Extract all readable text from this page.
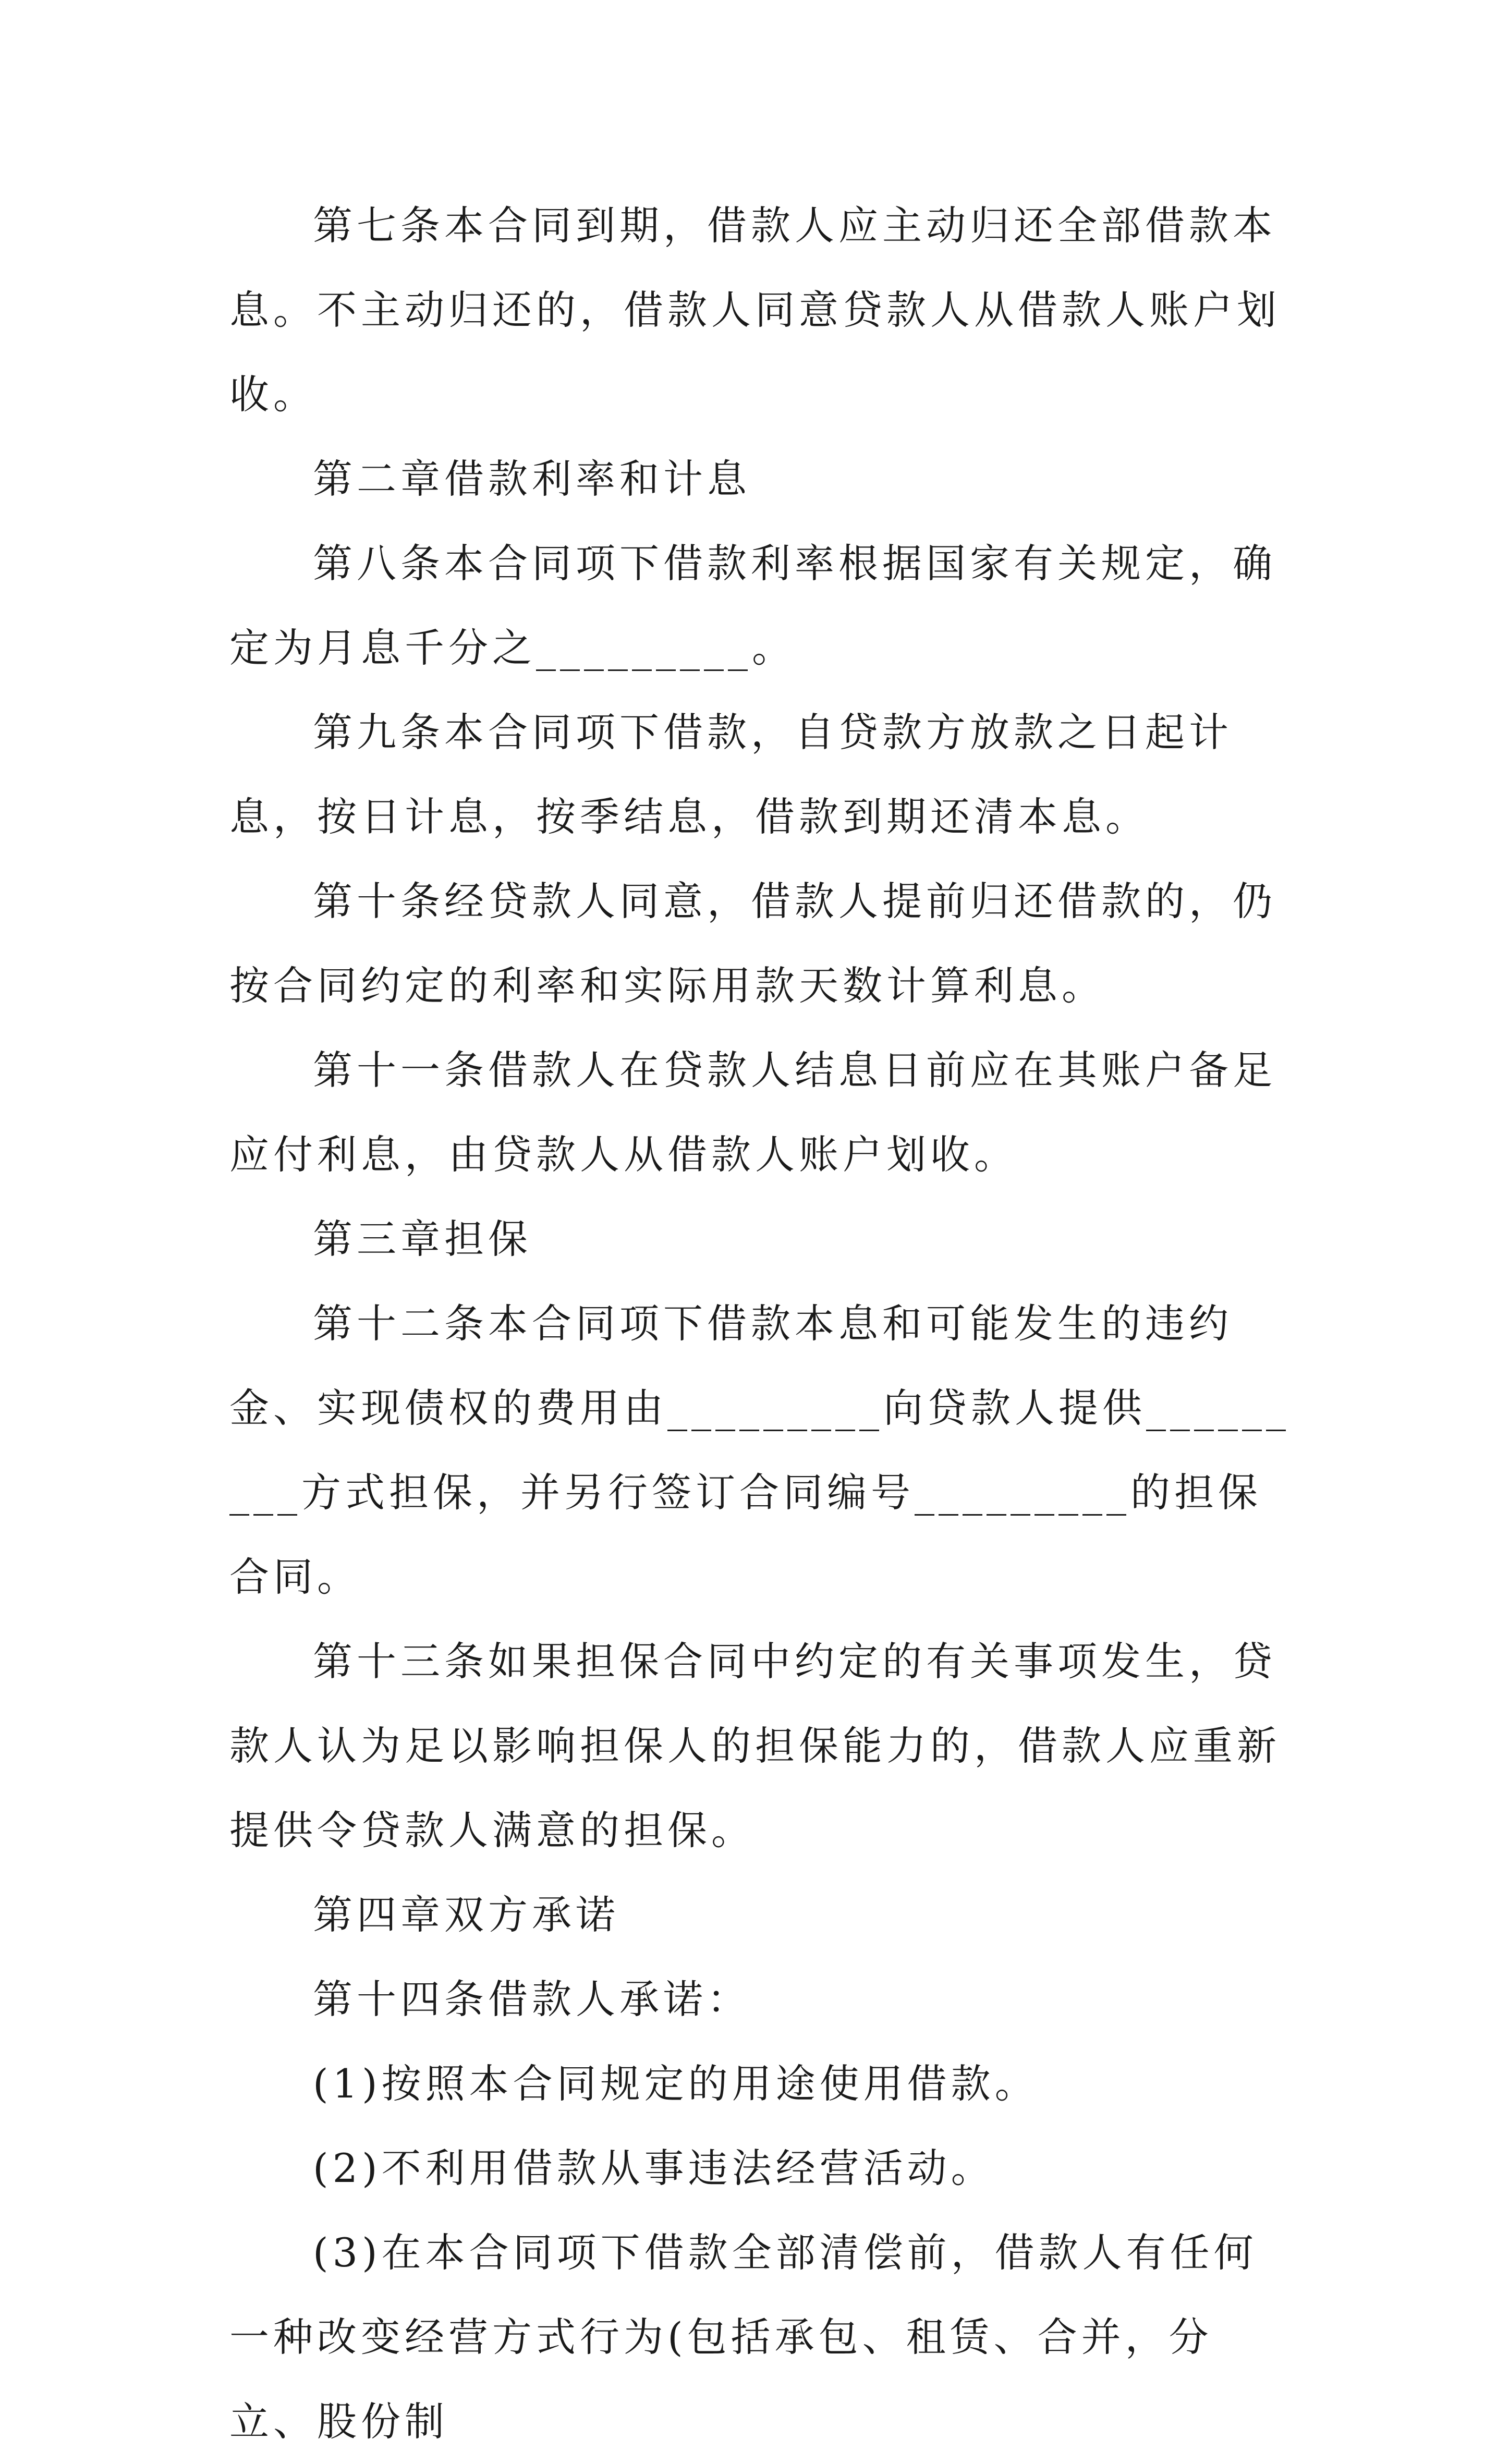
第七条本合同到期，借款人应主动归还全部借款本息。不主动归还的，借款人同意贷款人从借款人账户划收。

第二章借款利率和计息

第八条本合同项下借款利率根据国家有关规定，确定为月息千分之_________。

第九条本合同项下借款，自贷款方放款之日起计息，按日计息，按季结息，借款到期还清本息。

第十条经贷款人同意，借款人提前归还借款的，仍按合同约定的利率和实际用款天数计算利息。

第十一条借款人在贷款人结息日前应在其账户备足应付利息，由贷款人从借款人账户划收。

第三章担保

第十二条本合同项下借款本息和可能发生的违约金、实现债权的费用由_________向贷款人提供_________方式担保，并另行签订合同编号_________的担保合同。

第十三条如果担保合同中约定的有关事项发生，贷款人认为足以影响担保人的担保能力的，借款人应重新提供令贷款人满意的担保。

第四章双方承诺

第十四条借款人承诺：

(1)按照本合同规定的用途使用借款。

(2)不利用借款从事违法经营活动。

(3)在本合同项下借款全部清偿前，借款人有任何一种改变经营方式行为(包括承包、租赁、合并，分立、股份制
